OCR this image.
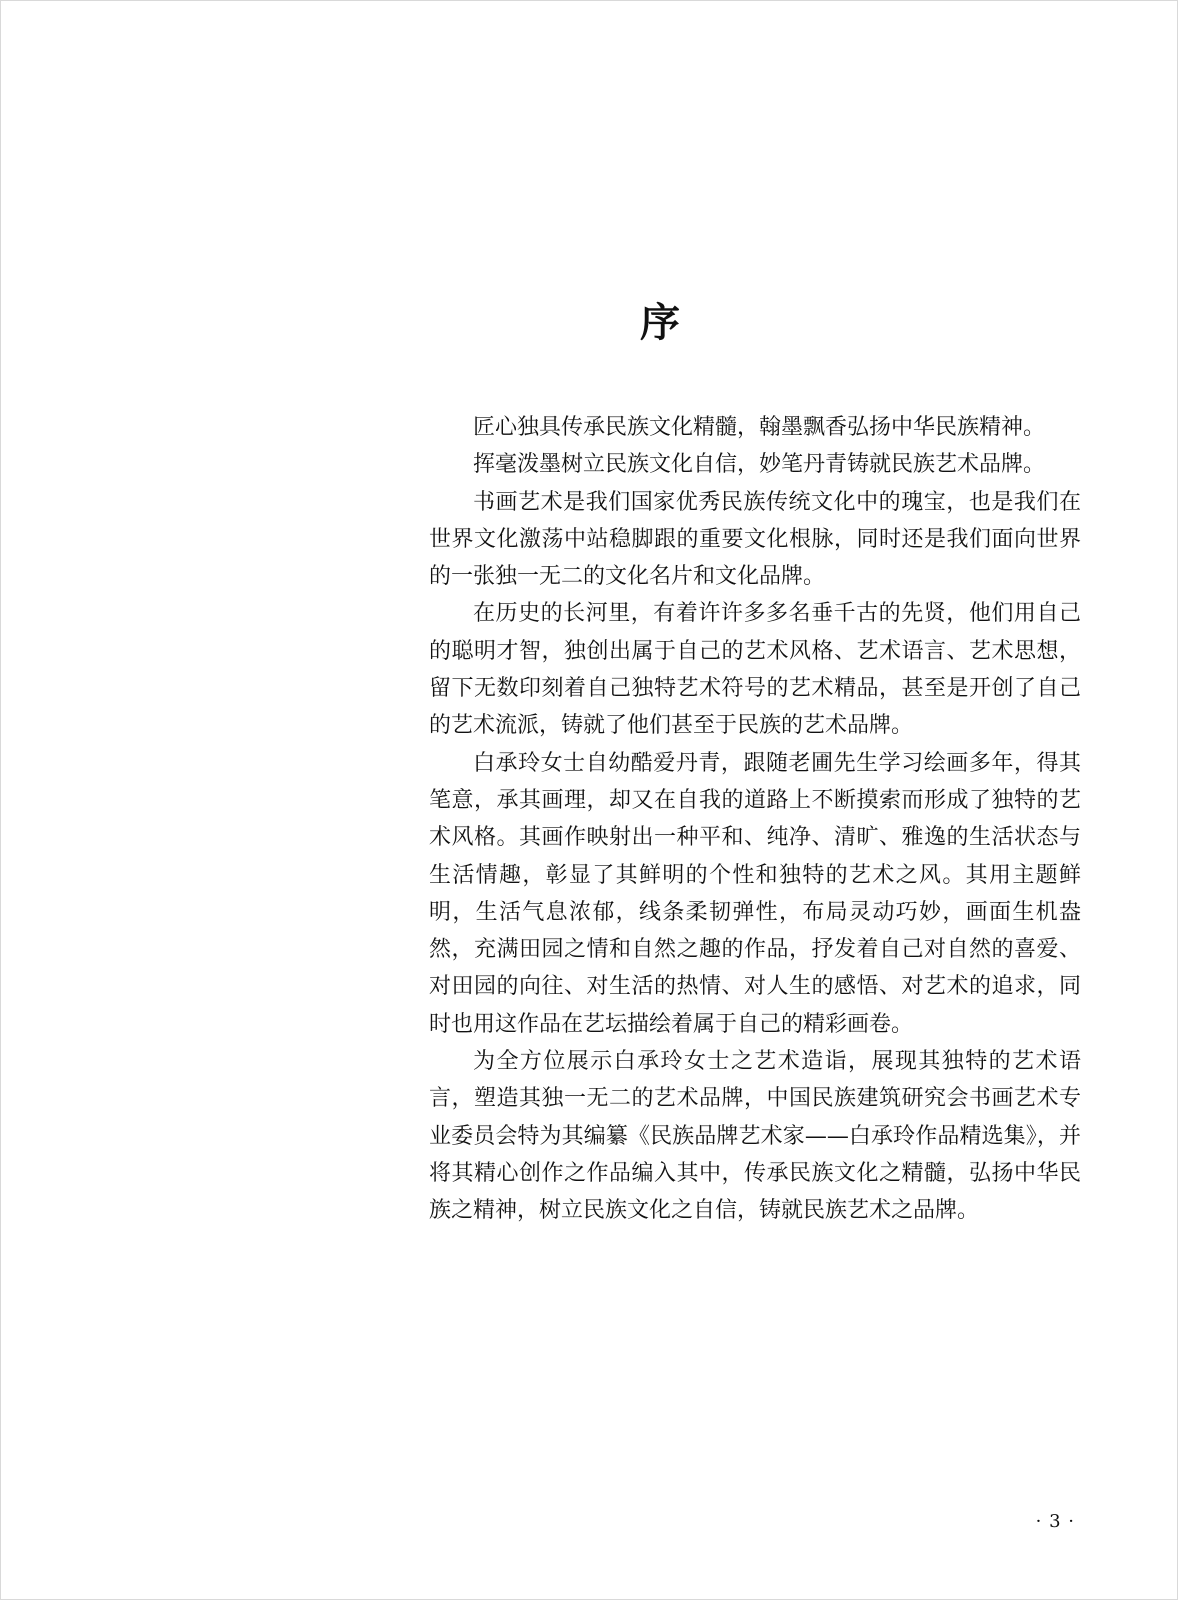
序

匠心独具传承民族文化精髓，翰墨飘香弘扬中华民族精神。

挥毫泼墨树立民族文化自信，妙笔丹青铸就民族艺术品牌。

书画艺术是我们国家优秀民族传统文化中的瑰宝，也是我们在世界文化激荡中站稳脚跟的重要文化根脉，同时还是我们面向世界的一张独一无二的文化名片和文化品牌。

在历史的长河里，有着许许多多名垂千古的先贤，他们用自己的聪明才智，独创出属于自己的艺术风格、艺术语言、艺术思想，留下无数印刻着自己独特艺术符号的艺术精品，甚至是开创了自己的艺术流派，铸就了他们甚至于民族的艺术品牌。

白承玲女士自幼酷爱丹青，跟随老圃先生学习绘画多年，得其笔意，承其画理，却又在自我的道路上不断摸索而形成了独特的艺术风格。其画作映射出一种平和、纯净、清旷、雅逸的生活状态与生活情趣，彰显了其鲜明的个性和独特的艺术之风。其用主题鲜明，生活气息浓郁，线条柔韧弹性，布局灵动巧妙，画面生机盎然，充满田园之情和自然之趣的作品，抒发着自己对自然的喜爱、对田园的向往、对生活的热情、对人生的感悟、对艺术的追求，同时也用这作品在艺坛描绘着属于自己的精彩画卷。

为全方位展示白承玲女士之艺术造诣，展现其独特的艺术语言，塑造其独一无二的艺术品牌，中国民族建筑研究会书画艺术专业委员会特为其编纂《民族品牌艺术家——白承玲作品精选集》，并将其精心创作之作品编入其中，传承民族文化之精髓，弘扬中华民族之精神，树立民族文化之自信，铸就民族艺术之品牌。

· 3 ·
